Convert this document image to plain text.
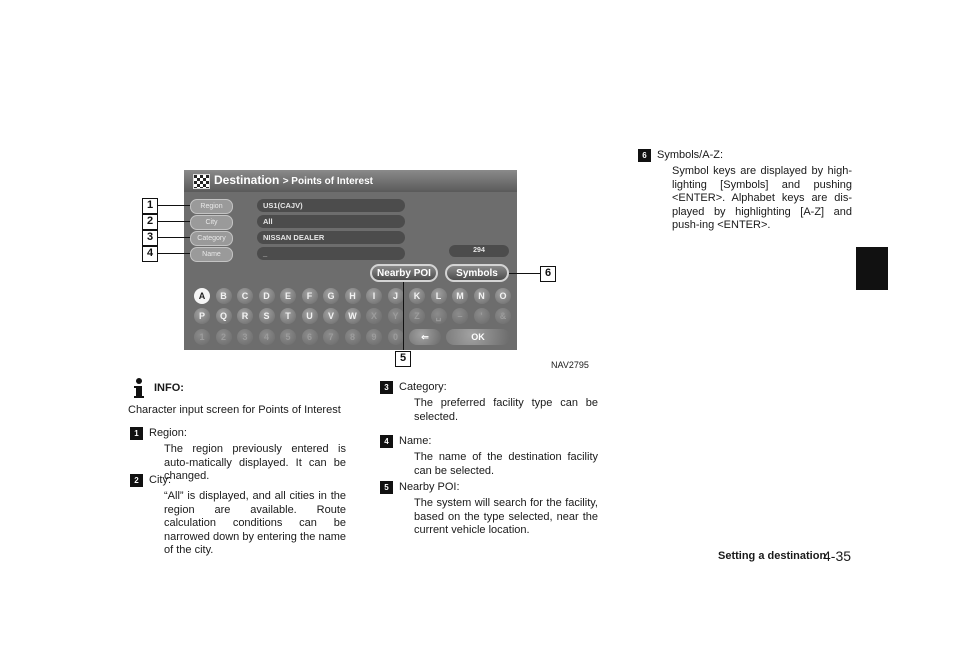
Destination > Points of Interest
Region	US1(CAJV)
City	All
Category	NISSAN DEALER
Name	_	294
Nearby POI	Symbols
A	B	C	D	E	F	G	H	I	J	K	L	M	N	O
P	Q	R	S	T	U	V	W	X	Y	Z	␣	–	'	&
1	2	3	4	5	6	7	8	9	0	⇐	OK
1
2
3
4
5
6
NAV2795
INFO:
Character input screen for Points of Interest
1 Region:
The region previously entered is auto-matically displayed. It can be changed.
2 City:
“All” is displayed, and all cities in the region are available. Route calculation conditions can be narrowed down by entering the name of the city.
3 Category:
The preferred facility type can be selected.
4 Name:
The name of the destination facility can be selected.
5 Nearby POI:
The system will search for the facility, based on the type selected, near the current vehicle location.
6 Symbols/A-Z:
Symbol keys are displayed by high-lighting [Symbols] and pushing <ENTER>. Alphabet keys are dis-played by highlighting [A-Z] and push-ing <ENTER>.
Setting a destination
4-35
